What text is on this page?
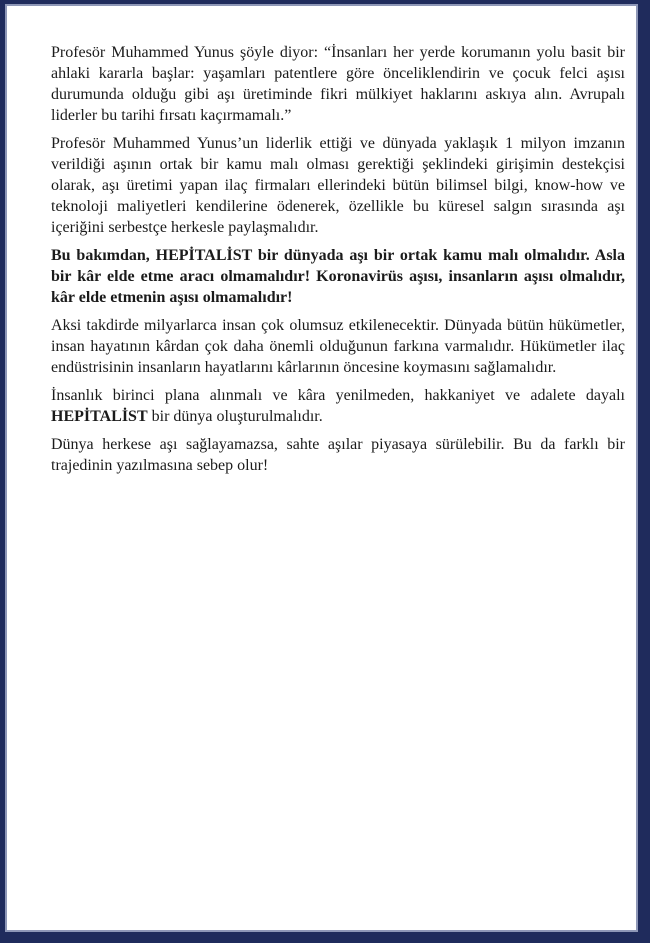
Profesör Muhammed Yunus şöyle diyor: “İnsanları her yerde korumanın yolu basit bir ahlaki kararla başlar: yaşamları patentlere göre önceliklendirin ve çocuk felci aşısı durumunda olduğu gibi aşı üretiminde fikri mülkiyet haklarını askıya alın. Avrupalı liderler bu tarihi fırsatı kaçırmamalı.”

Profesör Muhammed Yunus’un liderlik ettiği ve dünyada yaklaşık 1 milyon imzanın verildiği aşının ortak bir kamu malı olması gerektiği şeklindeki girişimin destekçisi olarak, aşı üretimi yapan ilaç firmaları ellerindeki bütün bilimsel bilgi, know-how ve teknoloji maliyetleri kendilerine ödenerek, özellikle bu küresel salgın sırasında aşı içeriğini serbestçe herkesle paylaşmalıdır.

Bu bakımdan, HEPİTALİST bir dünyada aşı bir ortak kamu malı olmalıdır. Asla bir kâr elde etme aracı olmamalıdır! Koronavirüs aşısı, insanların aşısı olmalıdır, kâr elde etmenin aşısı olmamalıdır!

Aksi takdirde milyarlarca insan çok olumsuz etkilenecektir. Dünyada bütün hükümetler, insan hayatının kârdan çok daha önemli olduğunun farkına varmalıdır. Hükümetler ilaç endüstrisinin insanların hayatlarını kârlarının öncesine koymasını sağlamalıdır.

İnsanlık birinci plana alınmalı ve kâra yenilmeden, hakkaniyet ve adalete dayalı HEPİTALİST bir dünya oluşturulmalıdır.

Dünya herkese aşı sağlayamazsa, sahte aşılar piyasaya sürülebilir. Bu da farklı bir trajedinin yazılmasına sebep olur!
